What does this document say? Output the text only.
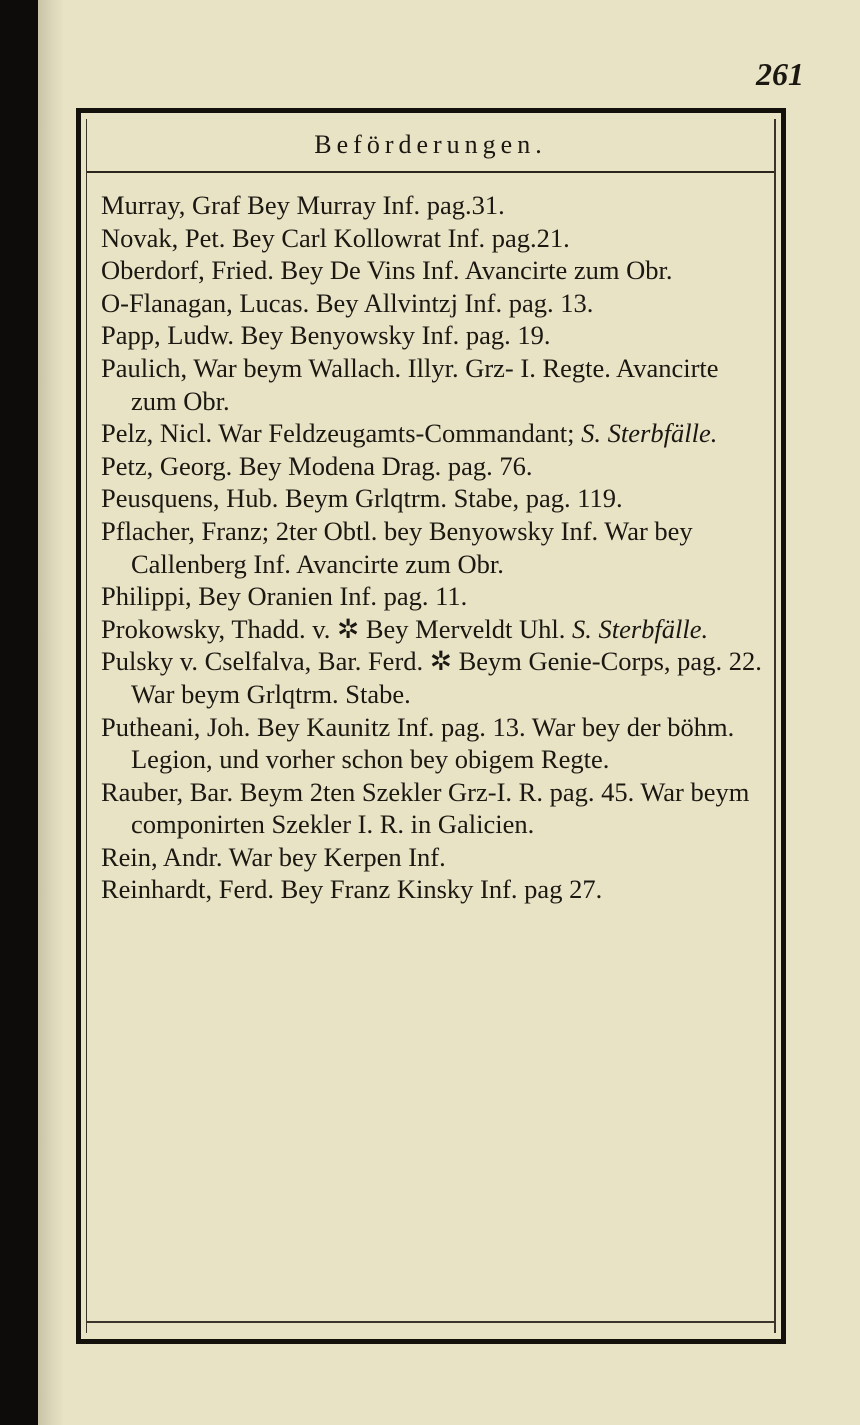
261
Beförderungen.

Murray, Graf Bey Murray Inf. pag.31.

Novak, Pet. Bey Carl Kollowrat Inf. pag.21.

Oberdorf, Fried. Bey De Vins Inf. Avancirte zum Obr.

O-Flanagan, Lucas. Bey Allvintzj Inf. pag. 13.

Papp, Ludw. Bey Benyowsky Inf. pag. 19.

Paulich, War beym Wallach. Illyr. Grz- I. Regte. Avancirte zum Obr.

Pelz, Nicl. War Feldzeugamts-Commandant; S. Sterbfälle.

Petz, Georg. Bey Modena Drag. pag. 76.

Peusquens, Hub. Beym Grlqtrm. Stabe, pag. 119.

Pflacher, Franz; 2ter Obtl. bey Benyowsky Inf. War bey Callenberg Inf. Avancirte zum Obr.

Philippi, Bey Oranien Inf. pag. 11.

Prokowsky, Thadd. v. ✲ Bey Merveldt Uhl. S. Sterbfälle.

Pulsky v. Cselfalva, Bar. Ferd. ✲ Beym Genie-Corps, pag. 22. War beym Grlqtrm. Stabe.

Putheani, Joh. Bey Kaunitz Inf. pag. 13. War bey der böhm. Legion, und vorher schon bey obigem Regte.

Rauber, Bar. Beym 2ten Szekler Grz-I. R. pag. 45. War beym componirten Szekler I. R. in Galicien.

Rein, Andr. War bey Kerpen Inf.

Reinhardt, Ferd. Bey Franz Kinsky Inf. pag 27.
